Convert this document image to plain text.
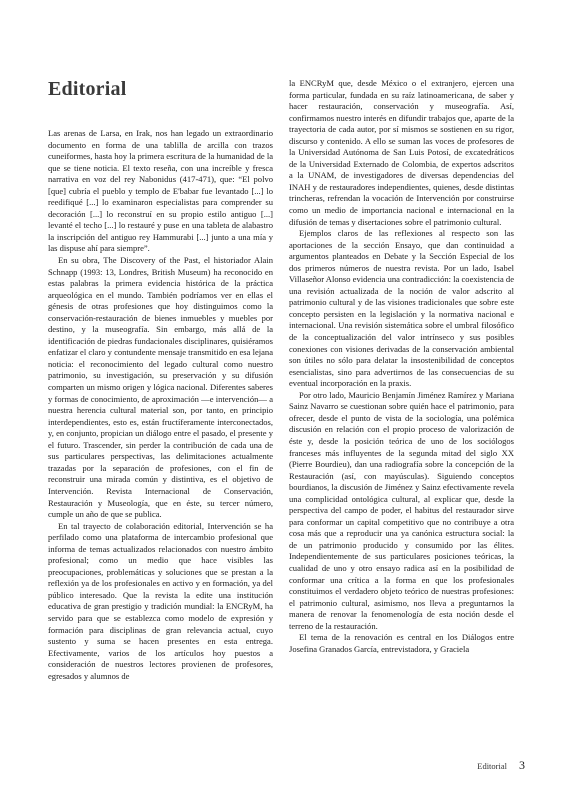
Editorial

Las arenas de Larsa, en Irak, nos han legado un extraordinario documento en forma de una tablilla de arcilla con trazos cuneiformes, hasta hoy la primera escritura de la humanidad de la que se tiene noticia. El texto reseña, con una increíble y fresca narrativa en voz del rey Nabonidus (417-471), que: “El polvo [que] cubría el pueblo y templo de E'babar fue levantado [...] lo reedifiqué [...] lo examinaron especialistas para comprender su decoración [...] lo reconstruí en su propio estilo antiguo [...] levanté el techo [...] lo restauré y puse en una tableta de alabastro la inscripción del antiguo rey Hammurabi [...] junto a una mía y las dispuse ahí para siempre”.

En su obra, The Discovery of the Past, el historiador Alain Schnapp (1993: 13, Londres, British Museum) ha reconocido en estas palabras la primera evidencia histórica de la práctica arqueológica en el mundo. También podríamos ver en ellas el génesis de otras profesiones que hoy distinguimos como la conservación-restauración de bienes inmuebles y muebles por destino, y la museografía. Sin embargo, más allá de la identificación de piedras fundacionales disciplinares, quisiéramos enfatizar el claro y contundente mensaje transmitido en esa lejana noticia: el reconocimiento del legado cultural como nuestro patrimonio, su investigación, su preservación y su difusión comparten un mismo origen y lógica nacional. Diferentes saberes y formas de conocimiento, de aproximación —e intervención— a nuestra herencia cultural material son, por tanto, en principio interdependientes, esto es, están fructíferamente interconectados, y, en conjunto, propician un diálogo entre el pasado, el presente y el futuro. Trascender, sin perder la contribución de cada una de sus particulares perspectivas, las delimitaciones actualmente trazadas por la separación de profesiones, con el fin de reconstruir una mirada común y distintiva, es el objetivo de Intervención. Revista Internacional de Conservación, Restauración y Museología, que en éste, su tercer número, cumple un año de que se publica.

En tal trayecto de colaboración editorial, Intervención se ha perfilado como una plataforma de intercambio profesional que informa de temas actualizados relacionados con nuestro ámbito profesional; como un medio que hace visibles las preocupaciones, problemáticas y soluciones que se prestan a la reflexión ya de los profesionales en activo y en formación, ya del público interesado. Que la revista la edite una institución educativa de gran prestigio y tradición mundial: la ENCRyM, ha servido para que se establezca como modelo de expresión y formación para disciplinas de gran relevancia actual, cuyo sustento y suma se hacen presentes en esta entrega. Efectivamente, varios de los artículos hoy puestos a consideración de nuestros lectores provienen de profesores, egresados y alumnos de

la ENCRyM que, desde México o el extranjero, ejercen una forma particular, fundada en su raíz latinoamericana, de saber y hacer restauración, conservación y museografía. Así, confirmamos nuestro interés en difundir trabajos que, aparte de la trayectoria de cada autor, por sí mismos se sostienen en su rigor, discurso y contenido. A ello se suman las voces de profesores de la Universidad Autónoma de San Luis Potosí, de excatedráticos de la Universidad Externado de Colombia, de expertos adscritos a la UNAM, de investigadores de diversas dependencias del INAH y de restauradores independientes, quienes, desde distintas trincheras, refrendan la vocación de Intervención por construirse como un medio de importancia nacional e internacional en la difusión de temas y disertaciones sobre el patrimonio cultural.

Ejemplos claros de las reflexiones al respecto son las aportaciones de la sección Ensayo, que dan continuidad a argumentos planteados en Debate y la Sección Especial de los dos primeros números de nuestra revista. Por un lado, Isabel Villaseñor Alonso evidencia una contradicción: la coexistencia de una revisión actualizada de la noción de valor adscrito al patrimonio cultural y de las visiones tradicionales que sobre este concepto persisten en la legislación y la normativa nacional e internacional. Una revisión sistemática sobre el umbral filosófico de la conceptualización del valor intrínseco y sus posibles conexiones con visiones derivadas de la conservación ambiental son útiles no sólo para delatar la insostenibilidad de conceptos esencialistas, sino para advertirnos de las consecuencias de su eventual incorporación en la praxis.

Por otro lado, Mauricio Benjamín Jiménez Ramírez y Mariana Sainz Navarro se cuestionan sobre quién hace el patrimonio, para ofrecer, desde el punto de vista de la sociología, una polémica discusión en relación con el propio proceso de valorización de éste y, desde la posición teórica de uno de los sociólogos franceses más influyentes de la segunda mitad del siglo XX (Pierre Bourdieu), dan una radiografía sobre la concepción de la Restauración (así, con mayúsculas). Siguiendo conceptos bourdianos, la discusión de Jiménez y Sainz efectivamente revela una complicidad ontológica cultural, al explicar que, desde la perspectiva del campo de poder, el habitus del restaurador sirve para conformar un capital competitivo que no contribuye a otra cosa más que a reproducir una ya canónica estructura social: la de un patrimonio producido y consumido por las élites. Independientemente de sus particulares posiciones teóricas, la cualidad de uno y otro ensayo radica así en la posibilidad de conformar una crítica a la forma en que los profesionales constituimos el verdadero objeto teórico de nuestras profesiones: el patrimonio cultural, asimismo, nos lleva a preguntarnos la manera de renovar la fenomenología de esta noción desde el terreno de la restauración.

El tema de la renovación es central en los Diálogos entre Josefina Granados García, entrevistadora, y Graciela

Editorial 3
